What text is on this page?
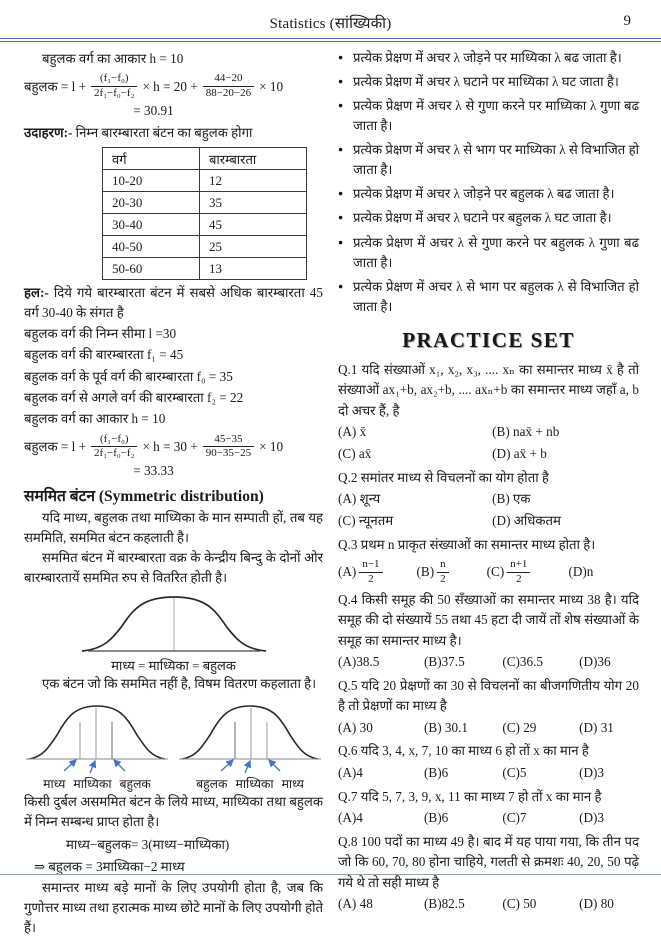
Statistics (सांख्यिकी)	9

बहुलक वर्ग का आकार h = 10

बहुलक = $l + \frac{\text{(f₁−f₀)}}{\text{2f₁−f₀−f₂}} \times h = 20 + \frac{44-20}{88-20-26} \times 10$
= 30.91

उदाहरण:- निम्न बारम्बारता बंटन का बहुलक होगा

वर्ग	बारम्बारता
10-20	12
20-30	35
30-40	45
40-50	25
50-60	13

हल:- दिये गये बारम्बारता बंटन में सबसे अधिक बारम्बारता 45 वर्ग 30-40 के संगत है

बहुलक वर्ग की निम्न सीमा l =30

बहुलक वर्ग की बारम्बारता f₁ = 45

बहुलक वर्ग के पूर्व वर्ग की बारम्बारता f₀ = 35

बहुलक वर्ग से अगले वर्ग की बारम्बारता f₂ = 22

बहुलक वर्ग का आकार h = 10

बहुलक = $l + \frac{\text{(f₁−f₀)}}{\text{2f₁−f₀−f₂}} \times h = 30 + \frac{45-35}{90-35-25} \times 10$
= 33.33
सममित बंटन (Symmetric distribution)

यदि माध्य, बहुलक तथा माध्यिका के मान सम्पाती हों, तब यह सममिति, सममित बंटन कहलाती है।

सममित बंटन में बारम्बारता वक्र के केन्द्रीय बिन्दु के दोनों ओर बारम्बारतायें सममित रुप से वितरित होती है।

माध्य = माध्यिका = बहुलक

एक बंटन जो कि सममित नहीं है, विषम वितरण कहलाता है।

माध्य माध्यिका बहुलक	बहुलक माध्यिका माध्य

किसी दुर्बल असममित बंटन के लिये माध्य, माध्यिका तथा बहुलक में निम्न सम्बन्ध प्राप्त होता है।

माध्य−बहुलक= 3(माध्य−माध्यिका)

⇒ बहुलक = 3माध्यिका−2 माध्य

समान्तर माध्य बड़े मानों के लिए उपयोगी होता है, जब कि गुणोत्तर माध्य तथा हरात्मक माध्य छोटे मानों के लिए उपयोगी होते हैं।

● प्रत्येक प्रेक्षण में अचर λ जोड़ने पर माध्यिका λ बढ जाता है।
● प्रत्येक प्रेक्षण में अचर λ घटाने पर माध्यिका λ घट जाता है।
● प्रत्येक प्रेक्षण में अचर λ से गुणा करने पर माध्यिका λ गुणा बढ जाता है।
● प्रत्येक प्रेक्षण में अचर λ से भाग पर माध्यिका λ से विभाजित हो जाता है।
● प्रत्येक प्रेक्षण में अचर λ जोड़ने पर बहुलक λ बढ जाता है।
● प्रत्येक प्रेक्षण में अचर λ घटाने पर बहुलक λ घट जाता है।
● प्रत्येक प्रेक्षण में अचर λ से गुणा करने पर बहुलक λ गुणा बढ जाता है।
● प्रत्येक प्रेक्षण में अचर λ से भाग पर बहुलक λ से विभाजित हो जाता है।
PRACTICE SET

Q.1 यदि संख्याओं x₁, x₂, x₃, .... xₙ का समान्तर माध्य x̄ है तो संख्याओं ax₁+b, ax₂+b, .... axₙ+b का समान्तर माध्य जहाँ a, b दो अचर हैं, है

(A) x̄	(B) nax̄ + nb
(C) ax̄	(D) ax̄ + b

Q.2 समांतर माध्य से विचलनों का योग होता है

(A) शून्य	(B) एक
(C) न्यूनतम	(D) अधिकतम

Q.3 प्रथम n प्राकृत संख्याओं का समान्तर माध्य होता है।

$(A) \frac{n-1}{2}$	$(B) \frac{n}{2}$	$(C) \frac{n+1}{2}$	(D)n

Q.4 किसी समूह की 50 सँख्याओं का समान्तर माध्य 38 है। यदि समूह की दो संख्यायें 55 तथा 45 हटा दी जायें तों शेष संख्याओं के समूह का समान्तर माध्य है।

(A)38.5	(B)37.5	(C)36.5	(D)36

Q.5 यदि 20 प्रेक्षणों का 30 से विचलनों का बीजगणितीय योग 20 है तो प्रेक्षणों का माध्य है

(A) 30	(B) 30.1	(C) 29	(D) 31

Q.6 यदि 3, 4, x, 7, 10 का माध्य 6 हो तों x का मान है

(A)4	(B)6	(C)5	(D)3

Q.7 यदि 5, 7, 3, 9, x, 11 का माध्य 7 हो तों x का मान है

(A)4	(B)6	(C)7	(D)3

Q.8 100 पदों का माध्य 49 है। बाद में यह पाया गया, कि तीन पद जो कि 60, 70, 80 होना चाहिये, गलती से क्रमशः 40, 20, 50 पढ़े गये थे तो सही माध्य है

(A) 48	(B)82.5	(C) 50	(D) 80
